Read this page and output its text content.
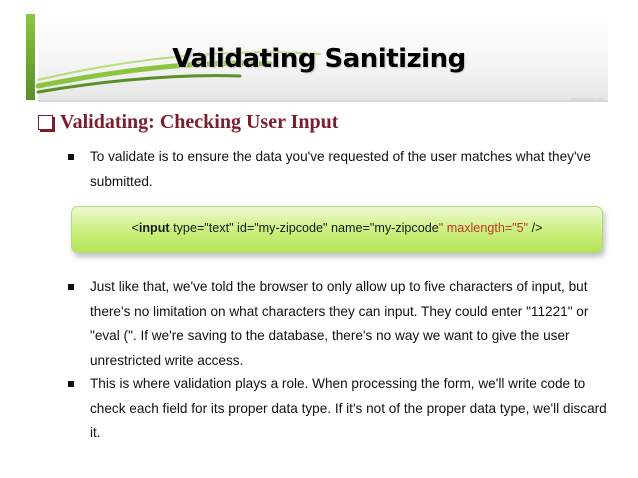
Validating Sanitizing
www.example.com
Validating: Checking User Input
To validate is to ensure the data you've requested of the user matches what they've submitted.
<input type="text" id="my-zipcode" name="my-zipcode" maxlength="5" />
Just like that, we've told the browser to only allow up to five characters of input, but there's no limitation on what characters they can input. They could enter "11221" or "eval (". If we're saving to the database, there's no way we want to give the user unrestricted write access.
This is where validation plays a role. When processing the form, we'll write code to check each field for its proper data type. If it's not of the proper data type, we'll discard it.
